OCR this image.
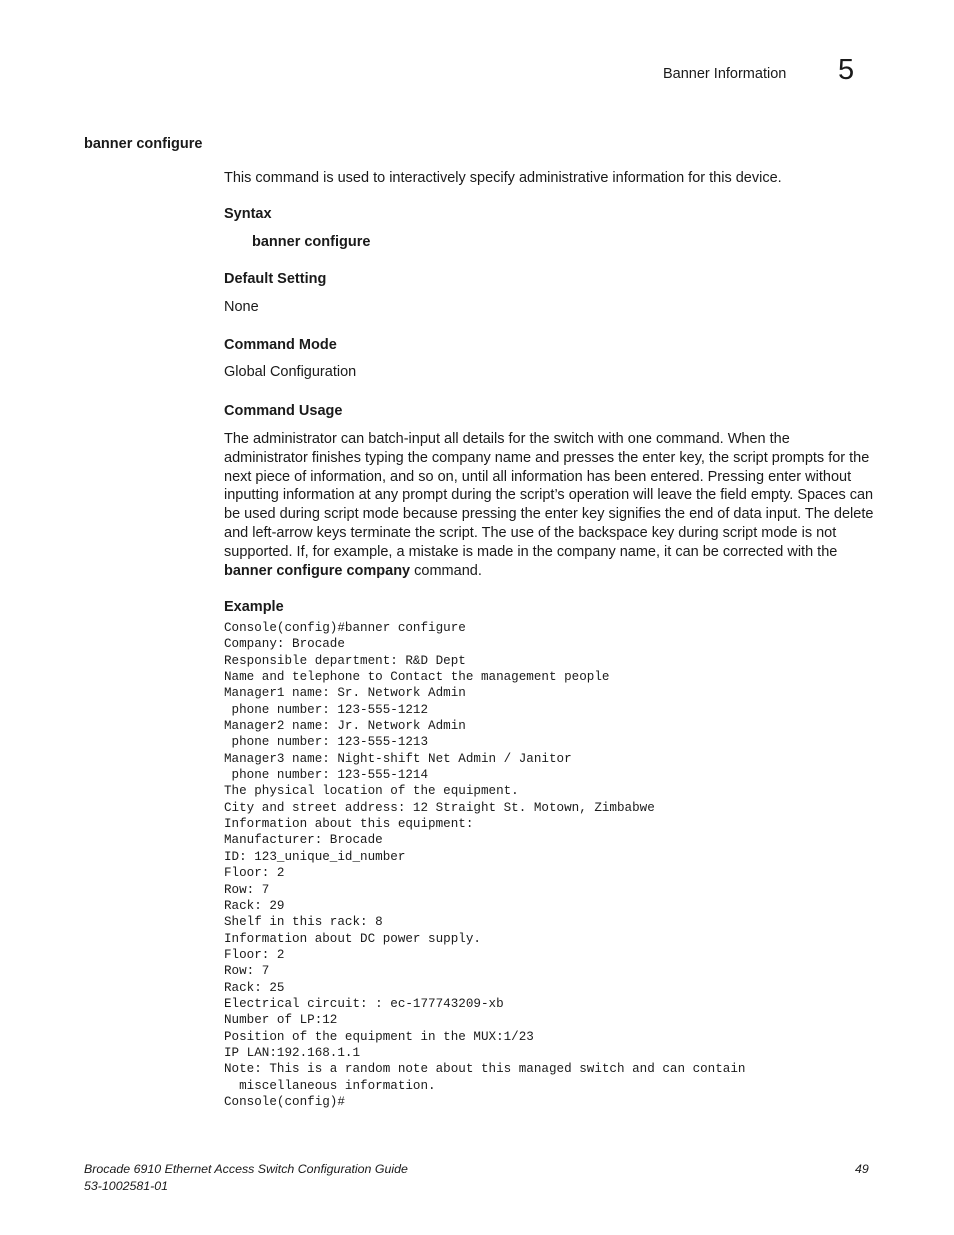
Banner Information 5
banner configure

This command is used to interactively specify administrative information for this device.

Syntax
banner configure
Default Setting
None
Command Mode
Global Configuration
Command Usage

The administrator can batch-input all details for the switch with one command. When the administrator finishes typing the company name and presses the enter key, the script prompts for the next piece of information, and so on, until all information has been entered. Pressing enter without inputting information at any prompt during the script’s operation will leave the field empty. Spaces can be used during script mode because pressing the enter key signifies the end of data input. The delete and left-arrow keys terminate the script. The use of the backspace key during script mode is not supported. If, for example, a mistake is made in the company name, it can be corrected with the banner configure company command.

Example
Console(config)#banner configure
Company: Brocade
Responsible department: R&D Dept
Name and telephone to Contact the management people
Manager1 name: Sr. Network Admin
phone number: 123-555-1212
Manager2 name: Jr. Network Admin
phone number: 123-555-1213
Manager3 name: Night-shift Net Admin / Janitor
phone number: 123-555-1214
The physical location of the equipment.
City and street address: 12 Straight St. Motown, Zimbabwe
Information about this equipment:
Manufacturer: Brocade
ID: 123_unique_id_number
Floor: 2
Row: 7
Rack: 29
Shelf in this rack: 8
Information about DC power supply.
Floor: 2
Row: 7
Rack: 25
Electrical circuit: : ec-177743209-xb
Number of LP:12
Position of the equipment in the MUX:1/23
IP LAN:192.168.1.1
Note: This is a random note about this managed switch and can contain
miscellaneous information.
Console(config)#
Brocade 6910 Ethernet Access Switch Configuration Guide
53-1002581-01
49
